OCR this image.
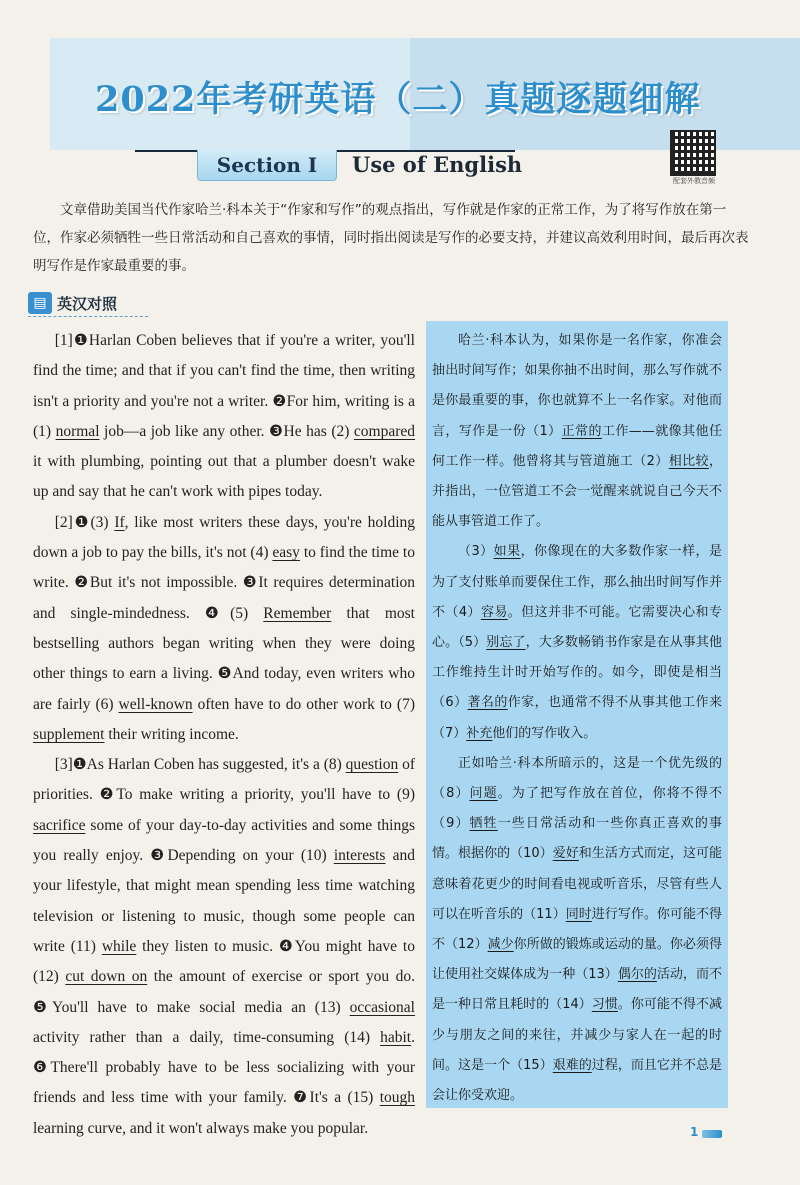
2022年考研英语（二）真题逐题细解
Section Ⅰ	Use of English
配套外教音频

文章借助美国当代作家哈兰·科本关于“作家和写作”的观点指出，写作就是作家的正常工作，为了将写作放在第一位，作家必须牺牲一些日常活动和自己喜欢的事情，同时指出阅读是写作的必要支持，并建议高效利用时间，最后再次表明写作是作家最重要的事。

▤ 英汉对照

[1]❶Harlan Coben believes that if you're a writer, you'll find the time; and that if you can't find the time, then writing isn't a priority and you're not a writer. ❷For him, writing is a (1) normal job—a job like any other. ❸He has (2) compared it with plumbing, pointing out that a plumber doesn't wake up and say that he can't work with pipes today.

[2]❶(3) If, like most writers these days, you're holding down a job to pay the bills, it's not (4) easy to find the time to write. ❷But it's not impossible. ❸It requires determination and single-mindedness. ❹(5) Remember that most bestselling authors began writing when they were doing other things to earn a living. ❺And today, even writers who are fairly (6) well-known often have to do other work to (7) supplement their writing income.

[3]❶As Harlan Coben has suggested, it's a (8) question of priorities. ❷To make writing a priority, you'll have to (9) sacrifice some of your day-to-day activities and some things you really enjoy. ❸Depending on your (10) interests and your lifestyle, that might mean spending less time watching television or listening to music, though some people can write (11) while they listen to music. ❹You might have to (12) cut down on the amount of exercise or sport you do. ❺You'll have to make social media an (13) occasional activity rather than a daily, time-consuming (14) habit. ❻There'll probably have to be less socializing with your friends and less time with your family. ❼It's a (15) tough learning curve, and it won't always make you popular.

哈兰·科本认为，如果你是一名作家，你准会抽出时间写作；如果你抽不出时间，那么写作就不是你最重要的事，你也就算不上一名作家。对他而言，写作是一份（1）正常的工作——就像其他任何工作一样。他曾将其与管道施工（2）相比较，并指出，一位管道工不会一觉醒来就说自己今天不能从事管道工作了。

（3）如果，你像现在的大多数作家一样，是为了支付账单而要保住工作，那么抽出时间写作并不（4）容易。但这并非不可能。它需要决心和专心。（5）别忘了，大多数畅销书作家是在从事其他工作维持生计时开始写作的。如今，即使是相当（6）著名的作家，也通常不得不从事其他工作来（7）补充他们的写作收入。

正如哈兰·科本所暗示的，这是一个优先级的（8）问题。为了把写作放在首位，你将不得不（9）牺牲一些日常活动和一些你真正喜欢的事情。根据你的（10）爱好和生活方式而定，这可能意味着花更少的时间看电视或听音乐，尽管有些人可以在听音乐的（11）同时进行写作。你可能不得不（12）减少你所做的锻炼或运动的量。你必须得让使用社交媒体成为一种（13）偶尔的活动，而不是一种日常且耗时的（14）习惯。你可能不得不减少与朋友之间的来往，并减少与家人在一起的时间。这是一个（15）艰难的过程，而且它并不总是会让你受欢迎。

1
